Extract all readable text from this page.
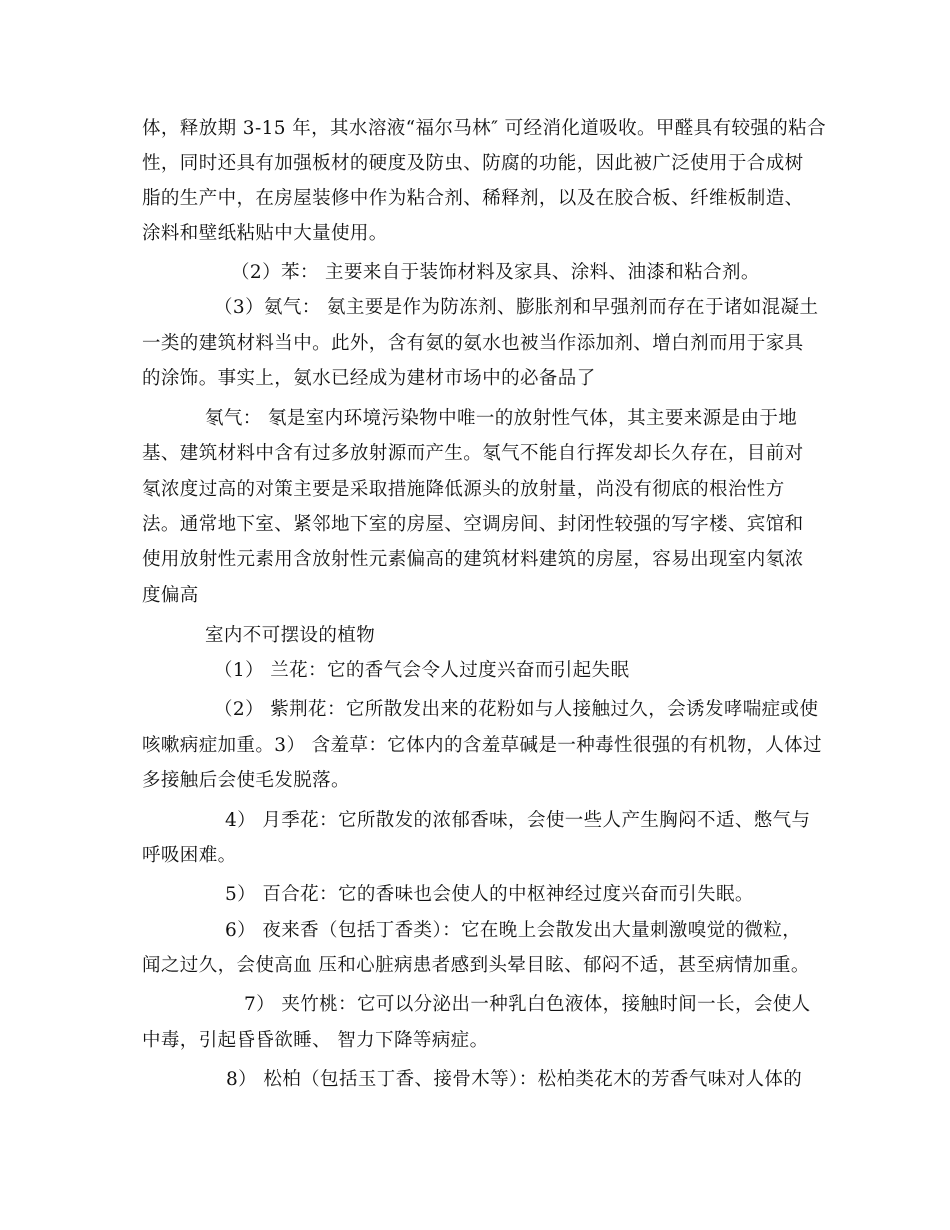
体，释放期 3-15 年，其水溶液“福尔马林″ 可经消化道吸收。甲醛具有较强的粘合
性，同时还具有加强板材的硬度及防虫、防腐的功能，因此被广泛使用于合成树
脂的生产中，在房屋装修中作为粘合剂、稀释剂，以及在胶合板、纤维板制造、
涂料和壁纸粘贴中大量使用。
（2）苯： 主要来自于装饰材料及家具、涂料、油漆和粘合剂。
（3）氨气： 氨主要是作为防冻剂、膨胀剂和早强剂而存在于诸如混凝土
一类的建筑材料当中。此外，含有氨的氨水也被当作添加剂、增白剂而用于家具
的涂饰。事实上，氨水已经成为建材市场中的必备品了
氡气： 氡是室内环境污染物中唯一的放射性气体，其主要来源是由于地
基、建筑材料中含有过多放射源而产生。氡气不能自行挥发却长久存在，目前对
氡浓度过高的对策主要是采取措施降低源头的放射量，尚没有彻底的根治性方
法。通常地下室、紧邻地下室的房屋、空调房间、封闭性较强的写字楼、宾馆和
使用放射性元素用含放射性元素偏高的建筑材料建筑的房屋，容易出现室内氡浓
度偏高
室内不可摆设的植物
（1） 兰花：它的香气会令人过度兴奋而引起失眠
（2） 紫荆花：它所散发出来的花粉如与人接触过久，会诱发哮喘症或使
咳嗽病症加重。3） 含羞草：它体内的含羞草碱是一种毒性很强的有机物，人体过
多接触后会使毛发脱落。
4） 月季花：它所散发的浓郁香味，会使一些人产生胸闷不适、憋气与
呼吸困难。
5） 百合花：它的香味也会使人的中枢神经过度兴奋而引失眠。
6） 夜来香（包括丁香类）：它在晚上会散发出大量刺激嗅觉的微粒，
闻之过久，会使高血 压和心脏病患者感到头晕目眩、郁闷不适，甚至病情加重。
7） 夹竹桃：它可以分泌出一种乳白色液体，接触时间一长，会使人
中毒，引起昏昏欲睡、 智力下降等病症。
8） 松柏（包括玉丁香、接骨木等）：松柏类花木的芳香气味对人体的
